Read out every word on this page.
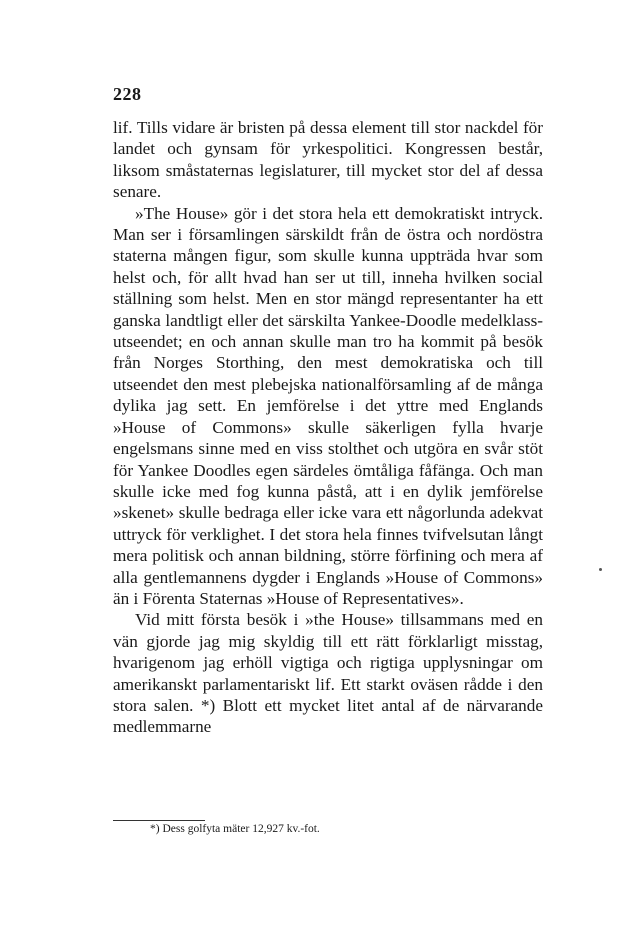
228

lif. Tills vidare är bristen på dessa element till stor nackdel för landet och gynsam för yrkespolitici. Kongressen består, liksom småstaternas legislaturer, till mycket stor del af dessa senare.

»The House» gör i det stora hela ett demokratiskt intryck. Man ser i församlingen särskildt från de östra och nordöstra staterna mången figur, som skulle kunna uppträda hvar som helst och, för allt hvad han ser ut till, inneha hvilken social ställning som helst. Men en stor mängd representanter ha ett ganska landtligt eller det särskilta Yankee-Doodle medelklass-utseendet; en och annan skulle man tro ha kommit på besök från Norges Storthing, den mest demokratiska och till utseendet den mest plebejska nationalförsamling af de många dylika jag sett. En jemförelse i det yttre med Englands »House of Commons» skulle säkerligen fylla hvarje engelsmans sinne med en viss stolthet och utgöra en svår stöt för Yankee Doodles egen särdeles ömtåliga fåfänga. Och man skulle icke med fog kunna påstå, att i en dylik jemförelse »skenet» skulle bedraga eller icke vara ett någorlunda adekvat uttryck för verklighet. I det stora hela finnes tvifvelsutan långt mera politisk och annan bildning, större förfining och mera af alla gentlemannens dygder i Englands »House of Commons» än i Förenta Staternas »House of Representatives».

Vid mitt första besök i »the House» tillsammans med en vän gjorde jag mig skyldig till ett rätt förklarligt misstag, hvarigenom jag erhöll vigtiga och rigtiga upplysningar om amerikanskt parlamentariskt lif. Ett starkt oväsen rådde i den stora salen. *) Blott ett mycket litet antal af de närvarande medlemmarne

*) Dess golfyta mäter 12,927 kv.-fot.
